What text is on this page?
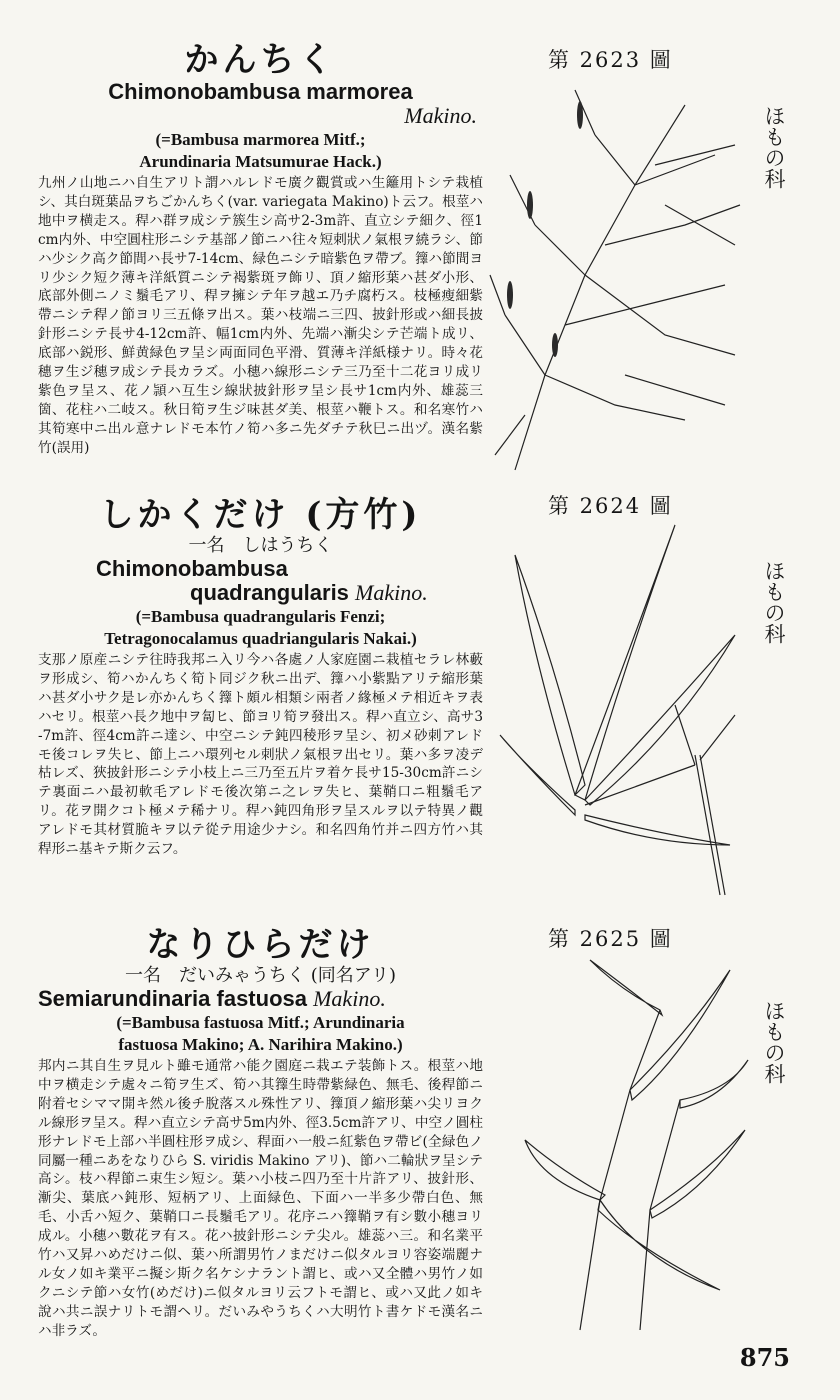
かんちく

Chimonobambusa marmorea

Makino.

(=Bambusa marmorea Mitf.;

Arundinaria Matsumurae Hack.)

九州ノ山地ニハ自生アリト謂ハルレドモ廣ク觀賞或ハ生籬用トシテ栽植シ、其白斑葉品ヲちごかんちく(var. variegata Makino)ト云フ。根莖ハ地中ヲ横走ス。稈ハ群ヲ成シテ簇生シ高サ2-3m許、直立シテ細ク、徑1cm内外、中空圓柱形ニシテ基部ノ節ニハ往々短刺狀ノ氣根ヲ繞ラシ、節ハ少シク高ク節間ハ長サ7-14cm、緑色ニシテ暗紫色ヲ帶ブ。籜ハ節間ヨリ少シク短ク薄キ洋紙質ニシテ褐紫斑ヲ飾リ、頂ノ縮形葉ハ甚ダ小形、底部外側ニノミ鬚毛アリ、稈ヲ擁シテ年ヲ越エ乃チ腐朽ス。枝極瘦細紫帶ニシテ稈ノ節ヨリ三五條ヲ出ス。葉ハ枝端ニ三四、披針形或ハ細長披針形ニシテ長サ4-12cm許、幅1cm内外、先端ハ漸尖シテ芒端ト成リ、底部ハ鋭形、鮮黄緑色ヲ呈シ両面同色平滑、質薄キ洋紙様ナリ。時々花穗ヲ生ジ穗ヲ成シテ長カラズ。小穗ハ線形ニシテ三乃至十二花ヨリ成リ紫色ヲ呈ス、花ノ頴ハ互生シ線狀披針形ヲ呈シ長サ1cm内外、雄蕊三箇、花柱ハ二岐ス。秋日筍ヲ生ジ味甚ダ美、根莖ハ鞭トス。和名寒竹ハ其筍寒中ニ出ル意ナレドモ本竹ノ筍ハ多ニ先ダチテ秋巳ニ出ヅ。漢名紫竹(誤用)

第 2623 圖

ほもの科

しかくだけ (方竹)

一名　しはうちく

Chimonobambusa

quadrangularis Makino.

(=Bambusa quadrangularis Fenzi;

Tetragonocalamus quadriangularis Nakai.)

支那ノ原産ニシテ往時我邦ニ入リ今ハ各處ノ人家庭園ニ栽植セラレ林藪ヲ形成シ、筍ハかんちく筍ト同ジク秋ニ出デ、籜ハ小紫點アリテ縮形葉ハ甚ダ小サク是レ亦かんちく籜ト頗ル相類シ兩者ノ緣極メテ相近キヲ表ハセリ。根莖ハ長ク地中ヲ匐ヒ、節ヨリ筍ヲ發出ス。稈ハ直立シ、高サ3-7m許、徑4cm許ニ達シ、中空ニシテ鈍四稜形ヲ呈シ、初メ砂刺アレドモ後コレヲ失ヒ、節上ニハ環列セル刺狀ノ氣根ヲ出セリ。葉ハ多ヲ凌デ枯レズ、狹披針形ニシテ小枝上ニ三乃至五片ヲ着ケ長サ15-30cm許ニシテ裏面ニハ最初軟毛アレドモ後次第ニ之レヲ失ヒ、葉鞘口ニ粗鬚毛アリ。花ヲ開クコト極メテ稀ナリ。稈ハ鈍四角形ヲ呈スルヲ以テ特異ノ觀アレドモ其材質脆キヲ以テ從テ用途少ナシ。和名四角竹并ニ四方竹ハ其稈形ニ基キテ斯ク云フ。

第 2624 圖

ほもの科

なりひらだけ

一名　だいみゃうちく (同名アリ)

Semiarundinaria fastuosa Makino.

(=Bambusa fastuosa Mitf.; Arundinaria

fastuosa Makino; A. Narihira Makino.)

邦内ニ其自生ヲ見ルト雖モ通常ハ能ク園庭ニ栽エテ装飾トス。根莖ハ地中ヲ横走シテ處々ニ筍ヲ生ズ、筍ハ其籜生時帶紫緑色、無毛、後稈節ニ附着セシママ開キ然ル後チ脫落スル殊性アリ、籜頂ノ縮形葉ハ尖リヨクル線形ヲ呈ス。稈ハ直立シテ高サ5m内外、徑3.5cm許アリ、中空ノ圓柱形ナレドモ上部ハ半圓柱形ヲ成シ、稈面ハ一般ニ紅紫色ヲ帶ビ(全緑色ノ同屬一種ニあをなりひら S. viridis Makino アリ)、節ハ二輪狀ヲ呈シテ高シ。枝ハ稈節ニ束生シ短シ。葉ハ小枝ニ四乃至十片許アリ、披針形、漸尖、葉底ハ鈍形、短柄アリ、上面緑色、下面ハ一半多少帶白色、無毛、小舌ハ短ク、葉鞘口ニ長鬚毛アリ。花序ニハ籜鞘ヲ有シ數小穗ヨリ成ル。小穗ハ數花ヲ有ス。花ハ披針形ニシテ尖ル。雄蕊ハ三。和名業平竹ハ又昇ハめだけニ似、葉ハ所謂男竹ノまだけニ似タルヨリ容姿端麗ナル女ノ如キ業平ニ擬シ斯ク名ケシナラント謂ヒ、或ハ又全體ハ男竹ノ如クニシテ節ハ女竹(めだけ)ニ似タルヨリ云フトモ謂ヒ、或ハ又此ノ如キ說ハ共ニ誤ナリトモ謂ヘリ。だいみやうちくハ大明竹ト書ケドモ漢名ニハ非ラズ。

第 2625 圖

ほもの科

875
